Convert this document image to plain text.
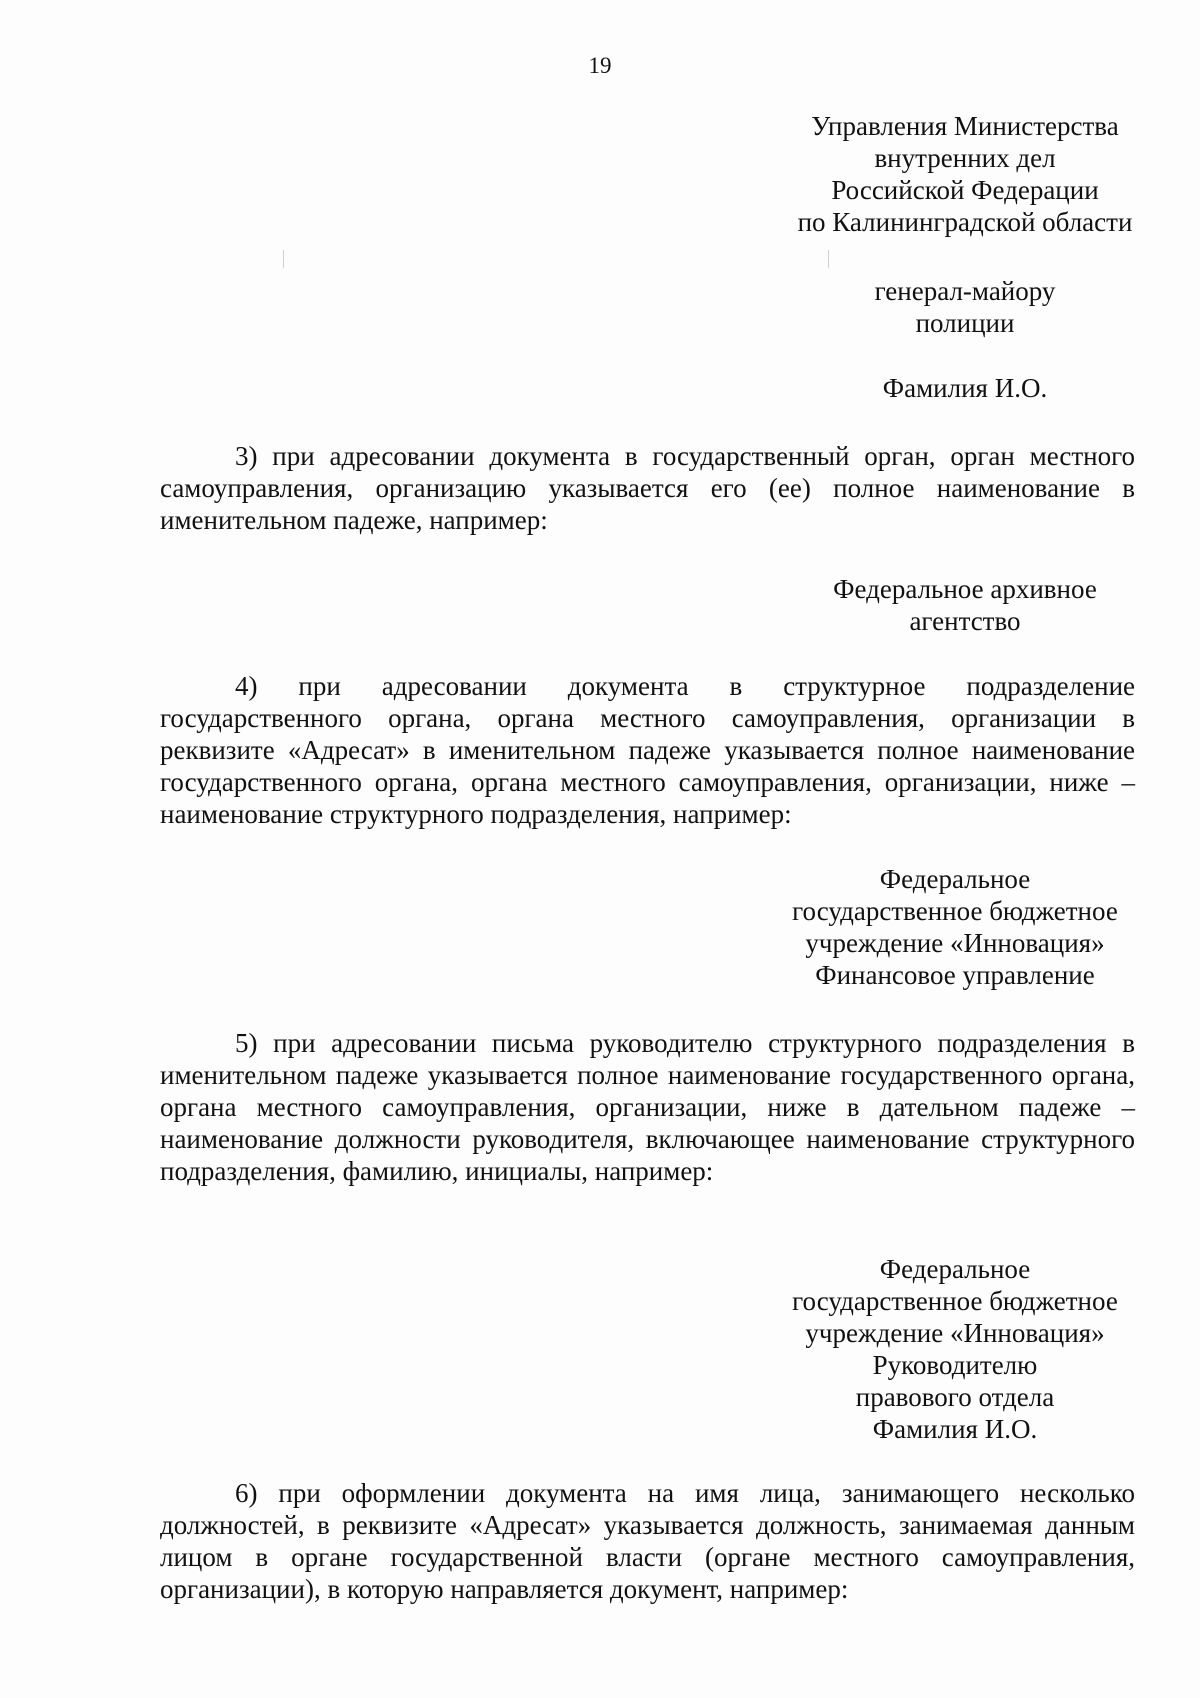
19
Управления Министерства
внутренних дел
Российской Федерации
по Калининградской области
генерал-майору
полиции
Фамилия И.О.

3) при адресовании документа в государственный орган, орган местного самоуправления, организацию указывается его (ее) полное наименование в именительном падеже, например:

Федеральное архивное
агентство

4) при адресовании документа в структурное подразделение государственного органа, органа местного самоуправления, организации в реквизите «Адресат» в именительном падеже указывается полное наименование государственного органа, органа местного самоуправления, организации, ниже – наименование структурного подразделения, например:

Федеральное
государственное бюджетное
учреждение «Инновация»
Финансовое управление

5) при адресовании письма руководителю структурного подразделения в именительном падеже указывается полное наименование государственного органа, органа местного самоуправления, организации, ниже в дательном падеже – наименование должности руководителя, включающее наименование структурного подразделения, фамилию, инициалы, например:

Федеральное
государственное бюджетное
учреждение «Инновация»
Руководителю
правового отдела
Фамилия И.О.

6) при оформлении документа на имя лица, занимающего несколько должностей, в реквизите «Адресат» указывается должность, занимаемая данным лицом в органе государственной власти (органе местного самоуправления, организации), в которую направляется документ, например:
